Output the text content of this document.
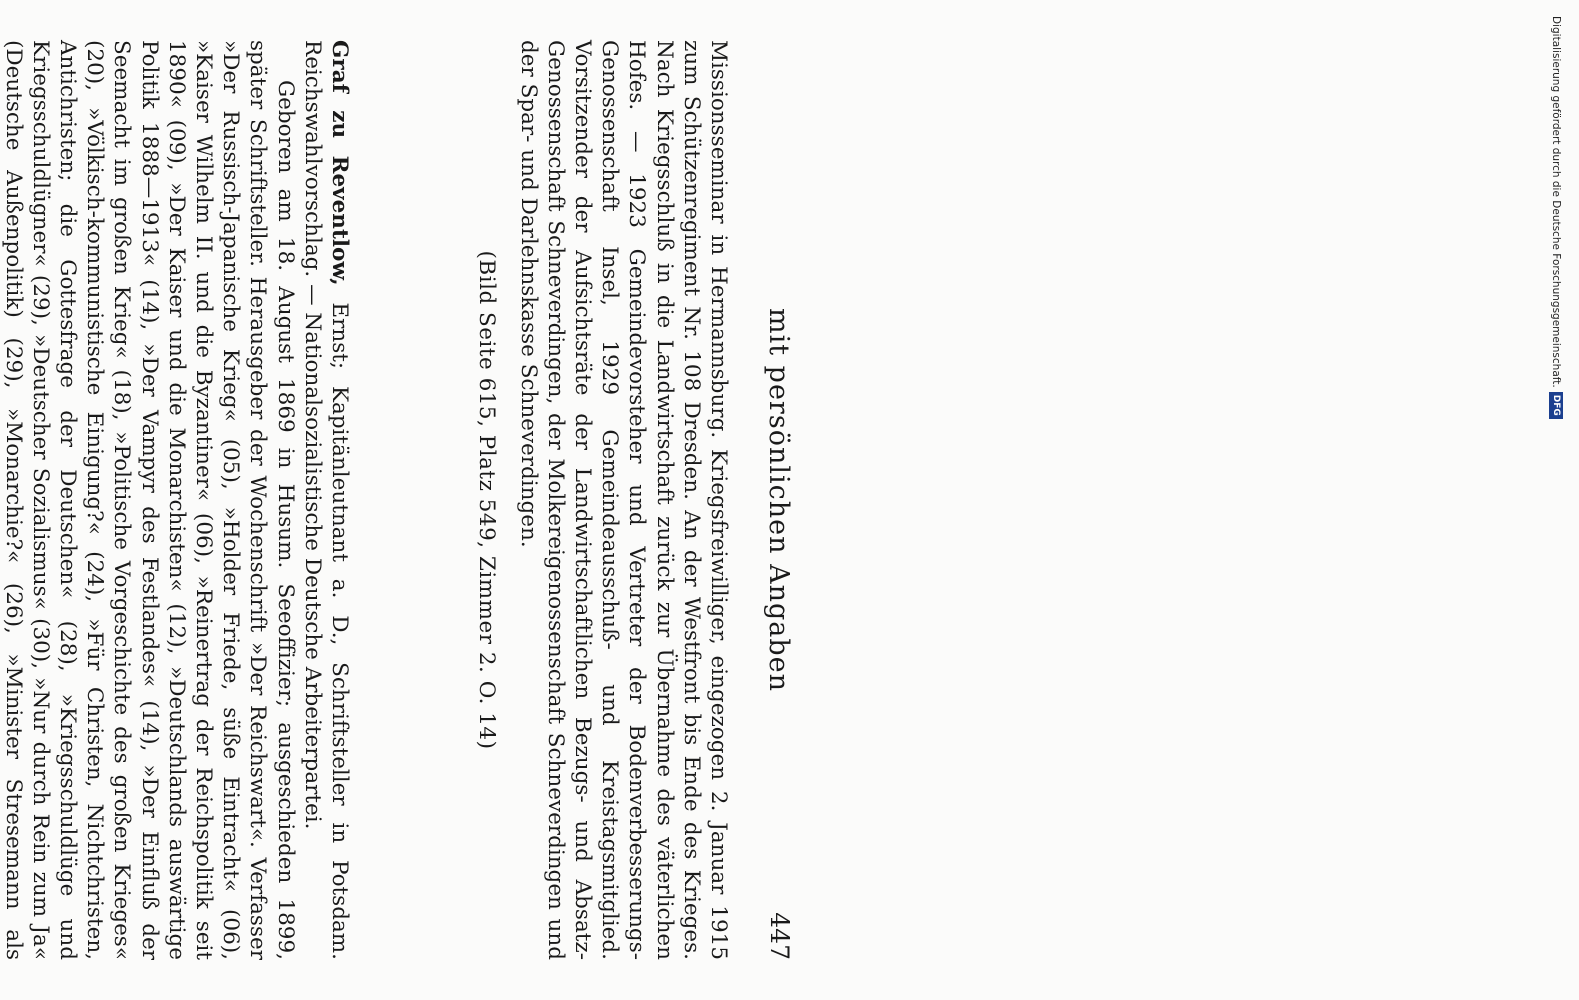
mit persönlichen Angaben
447

Missionsseminar in Hermannsburg. Kriegsfreiwilliger, eingezogen 2. Januar 1915 zum Schützenregiment Nr. 108 Dresden. An der Westfront bis Ende des Krieges. Nach Kriegsschluß in die Landwirtschaft zurück zur Übernahme des väterlichen Hofes. — 1923 Gemeindevorsteher und Vertreter der Bodenverbesserungs-Genossenschaft Insel, 1929 Gemeindeausschuß- und Kreistagsmitglied. Vorsitzender der Aufsichtsräte der Landwirtschaftlichen Bezugs- und Absatz-Genossenschaft Schneverdingen, der Molkereigenossenschaft Schneverdingen und der Spar- und Darlehnskasse Schneverdingen.

(Bild Seite 615, Platz 549, Zimmer 2. O. 14)

Graf zu Reventlow, Ernst; Kapitänleutnant a. D., Schriftsteller in Potsdam. Reichswahlvorschlag. — Nationalsozialistische Deutsche Arbeiterpartei.

Geboren am 18. August 1869 in Husum. Seeoffizier; ausgeschieden 1899, später Schriftsteller. Herausgeber der Wochenschrift »Der Reichswart«. Verfasser »Der Russisch-Japanische Krieg« (05), »Holder Friede, süße Eintracht« (06), »Kaiser Wilhelm II. und die Byzantiner« (06), »Reinertrag der Reichspolitik seit 1890« (09), »Der Kaiser und die Monarchisten« (12), »Deutschlands auswärtige Politik 1888—1913« (14), »Der Vampyr des Festlandes« (14), »Der Einfluß der Seemacht im großen Krieg« (18), »Politische Vorgeschichte des großen Krieges« (20), »Völkisch-kommunistische Einigung?« (24), »Für Christen, Nichtchristen, Antichristen; die Gottesfrage der Deutschen« (28), »Kriegsschuldlüge und Kriegsschuldlügner« (29), »Deutscher Sozialismus« (30), »Nur durch Rein zum Ja« (Deutsche Außenpolitik) (29), »Monarchie?« (26), »Minister Stresemann als

Digitalisierung gefördert durch die Deutsche Forschungsgemeinschaft.DFG
